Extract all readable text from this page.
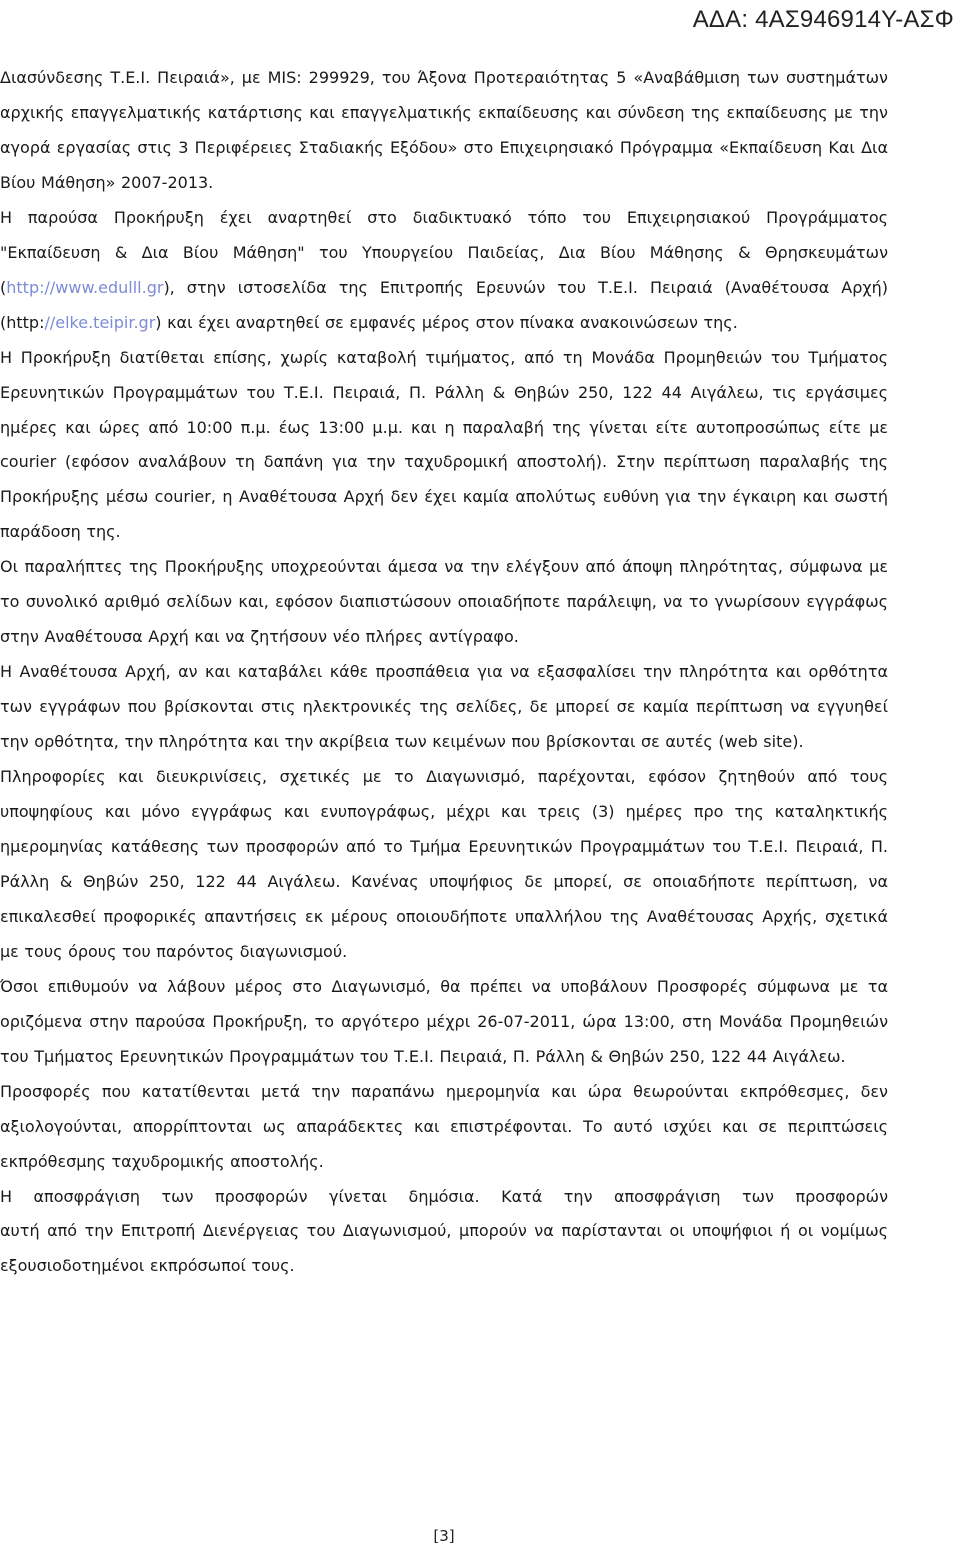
ΑΔΑ: 4ΑΣ946914Υ-ΑΣΦ

Διασύνδεσης Τ.Ε.Ι. Πειραιά», με MIS: 299929, του Άξονα Προτεραιότητας 5 «Αναβάθμιση των συστημάτων αρχικής επαγγελματικής κατάρτισης και επαγγελματικής εκπαίδευσης και σύνδεση της εκπαίδευσης με την αγορά εργασίας στις 3 Περιφέρειες Σταδιακής Εξόδου» στο Επιχειρησιακό Πρόγραμμα «Εκπαίδευση Και Δια Βίου Μάθηση» 2007-2013.

Η παρούσα Προκήρυξη έχει αναρτηθεί στο διαδικτυακό τόπο του Επιχειρησιακού Προγράμματος "Εκπαίδευση & Δια Βίου Μάθηση" του Υπουργείου Παιδείας, Δια Βίου Μάθησης & Θρησκευμάτων (http://www.edulll.gr), στην ιστοσελίδα της Επιτροπής Ερευνών του Τ.Ε.Ι. Πειραιά (Αναθέτουσα Αρχή) (http://elke.teipir.gr) και έχει αναρτηθεί σε εμφανές μέρος στον πίνακα ανακοινώσεων της.

Η Προκήρυξη διατίθεται επίσης, χωρίς καταβολή τιμήματος, από τη Μονάδα Προμηθειών του Τμήματος Ερευνητικών Προγραμμάτων του Τ.Ε.Ι. Πειραιά, Π. Ράλλη & Θηβών 250, 122 44 Αιγάλεω, τις εργάσιμες ημέρες και ώρες από 10:00 π.μ. έως 13:00 μ.μ. και η παραλαβή της γίνεται είτε αυτοπροσώπως είτε με courier (εφόσον αναλάβουν τη δαπάνη για την ταχυδρομική αποστολή). Στην περίπτωση παραλαβής της Προκήρυξης μέσω courier, η Αναθέτουσα Αρχή δεν έχει καμία απολύτως ευθύνη για την έγκαιρη και σωστή παράδοση της.

Οι παραλήπτες της Προκήρυξης υποχρεούνται άμεσα να την ελέγξουν από άποψη πληρότητας, σύμφωνα με το συνολικό αριθμό σελίδων και, εφόσον διαπιστώσουν οποιαδήποτε παράλειψη, να το γνωρίσουν εγγράφως στην Αναθέτουσα Αρχή και να ζητήσουν νέο πλήρες αντίγραφο.

Η Αναθέτουσα Αρχή, αν και καταβάλει κάθε προσπάθεια για να εξασφαλίσει την πληρότητα και ορθότητα των εγγράφων που βρίσκονται στις ηλεκτρονικές της σελίδες, δε μπορεί σε καμία περίπτωση να εγγυηθεί την ορθότητα, την πληρότητα και την ακρίβεια των κειμένων που βρίσκονται σε αυτές (web site).

Πληροφορίες και διευκρινίσεις, σχετικές με το Διαγωνισμό, παρέχονται, εφόσον ζητηθούν από τους υποψηφίους και μόνο εγγράφως και ενυπογράφως, μέχρι και τρεις (3) ημέρες προ της καταληκτικής ημερομηνίας κατάθεσης των προσφορών από το Τμήμα Ερευνητικών Προγραμμάτων του Τ.Ε.Ι. Πειραιά, Π. Ράλλη & Θηβών 250, 122 44 Αιγάλεω. Κανένας υποψήφιος δε μπορεί, σε οποιαδήποτε περίπτωση, να επικαλεσθεί προφορικές απαντήσεις εκ μέρους οποιουδήποτε υπαλλήλου της Αναθέτουσας Αρχής, σχετικά με τους όρους του παρόντος διαγωνισμού.

Όσοι επιθυμούν να λάβουν μέρος στο Διαγωνισμό, θα πρέπει να υποβάλουν Προσφορές σύμφωνα με τα οριζόμενα στην παρούσα Προκήρυξη, το αργότερο μέχρι 26-07-2011, ώρα 13:00, στη Μονάδα Προμηθειών του Τμήματος Ερευνητικών Προγραμμάτων του Τ.Ε.Ι. Πειραιά, Π. Ράλλη & Θηβών 250, 122 44 Αιγάλεω.

Προσφορές που κατατίθενται μετά την παραπάνω ημερομηνία και ώρα θεωρούνται εκπρόθεσμες, δεν αξιολογούνται, απορρίπτονται ως απαράδεκτες και επιστρέφονται. Το αυτό ισχύει και σε περιπτώσεις εκπρόθεσμης ταχυδρομικής αποστολής.

Η αποσφράγιση των προσφορών γίνεται δημόσια. Κατά την αποσφράγιση των προσφορών

αυτή από την Επιτροπή Διενέργειας του Διαγωνισμού, μπορούν να παρίστανται οι υποψήφιοι ή οι νομίμως εξουσιοδοτημένοι εκπρόσωποί τους.

[3]
